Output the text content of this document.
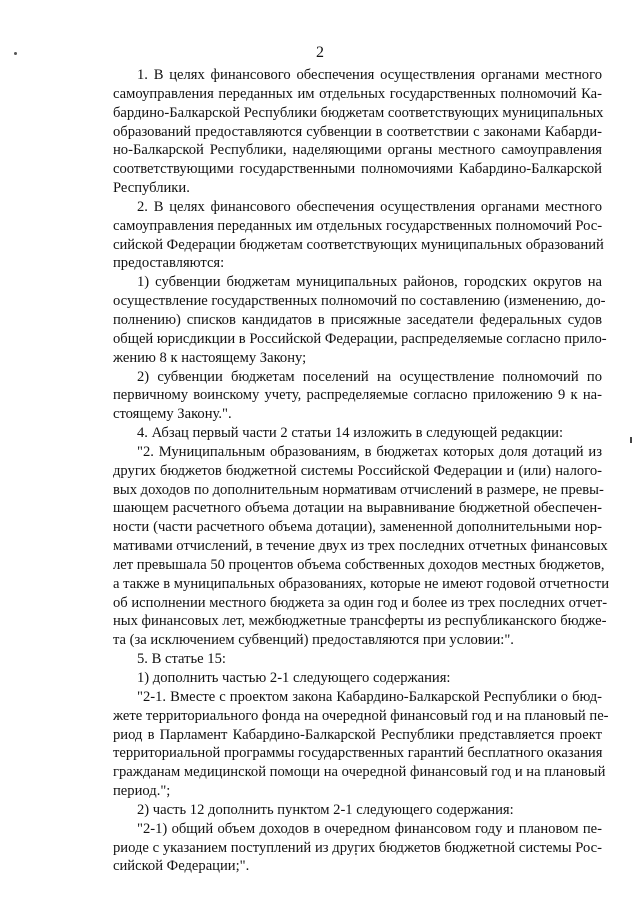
2
1. В целях финансового обеспечения осуществления органами местного
самоуправления переданных им отдельных государственных полномочий Ка-
бардино-Балкарской Республики бюджетам соответствующих муниципальных
образований предоставляются субвенции в соответствии с законами Кабарди-
но-Балкарской Республики, наделяющими органы местного самоуправления
соответствующими государственными полномочиями Кабардино-Балкарской
Республики.
2. В целях финансового обеспечения осуществления органами местного
самоуправления переданных им отдельных государственных полномочий Рос-
сийской Федерации бюджетам соответствующих муниципальных образований
предоставляются:
1) субвенции бюджетам муниципальных районов, городских округов на
осуществление государственных полномочий по составлению (изменению, до-
полнению) списков кандидатов в присяжные заседатели федеральных судов
общей юрисдикции в Российской Федерации, распределяемые согласно прило-
жению 8 к настоящему Закону;
2) субвенции бюджетам поселений на осуществление полномочий по
первичному воинскому учету, распределяемые согласно приложению 9 к на-
стоящему Закону.".
4. Абзац первый части 2 статьи 14 изложить в следующей редакции:
"2. Муниципальным образованиям, в бюджетах которых доля дотаций из
других бюджетов бюджетной системы Российской Федерации и (или) налого-
вых доходов по дополнительным нормативам отчислений в размере, не превы-
шающем расчетного объема дотации на выравнивание бюджетной обеспечен-
ности (части расчетного объема дотации), замененной дополнительными нор-
мативами отчислений, в течение двух из трех последних отчетных финансовых
лет превышала 50 процентов объема собственных доходов местных бюджетов,
а также в муниципальных образованиях, которые не имеют годовой отчетности
об исполнении местного бюджета за один год и более из трех последних отчет-
ных финансовых лет, межбюджетные трансферты из республиканского бюдже-
та (за исключением субвенций) предоставляются при условии:".
5. В статье 15:
1) дополнить частью 2-1 следующего содержания:
"2-1. Вместе с проектом закона Кабардино-Балкарской Республики о бюд-
жете территориального фонда на очередной финансовый год и на плановый пе-
риод в Парламент Кабардино-Балкарской Республики представляется проект
территориальной программы государственных гарантий бесплатного оказания
гражданам медицинской помощи на очередной финансовый год и на плановый
период.";
2) часть 12 дополнить пунктом 2-1 следующего содержания:
"2-1) общий объем доходов в очередном финансовом году и плановом пе-
риоде с указанием поступлений из других бюджетов бюджетной системы Рос-
сийской Федерации;".
